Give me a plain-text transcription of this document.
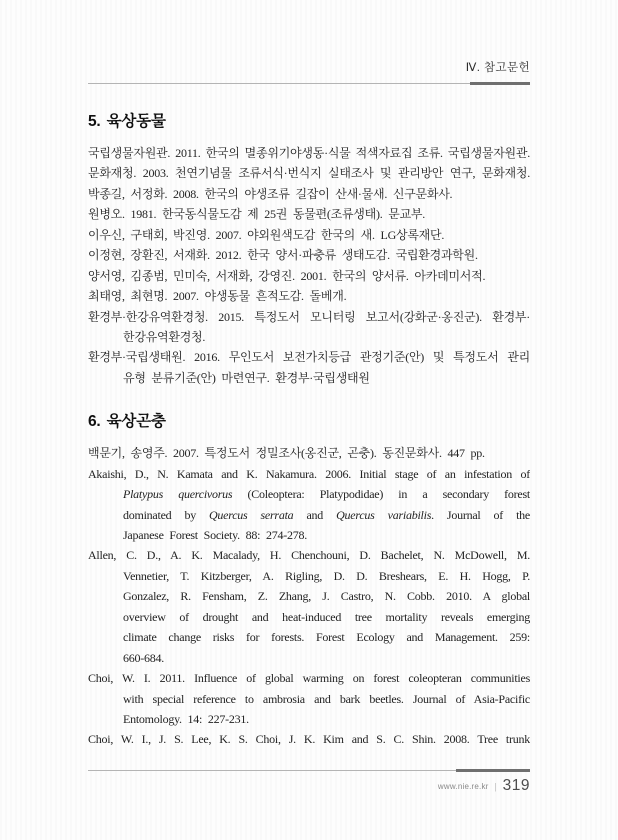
Ⅳ. 참고문헌
5. 육상동물

국립생물자원관. 2011. 한국의 멸종위기야생동·식물 적색자료집 조류. 국립생물자원관.

문화재청. 2003. 천연기념물 조류서식·번식지 실태조사 및 관리방안 연구, 문화재청.

박종길, 서정화. 2008. 한국의 야생조류 길잡이 산새·물새. 신구문화사.

원병오. 1981. 한국동식물도감 제 25권 동물편(조류생태). 문교부.

이우신, 구태회, 박진영. 2007. 야외원색도감 한국의 새. LG상록재단.

이정현, 장환진, 서재화. 2012. 한국 양서·파충류 생태도감. 국립환경과학원.

양서영, 김종범, 민미숙, 서재화, 강영진. 2001. 한국의 양서류. 아카데미서적.

최태영, 최현명. 2007. 야생동물 흔적도감. 돌베개.

환경부·한강유역환경청. 2015. 특정도서 모니터링 보고서(강화군·옹진군). 환경부·
한강유역환경청.

환경부·국립생태원. 2016. 무인도서 보전가치등급 관정기준(안) 및 특정도서 관리
유형 분류기준(안) 마련연구. 환경부·국립생태원

6. 육상곤충

백문기, 송영주. 2007. 특정도서 정밀조사(옹진군, 곤충). 동진문화사. 447 pp.

Akaishi, D., N. Kamata and K. Nakamura. 2006. Initial stage of an infestation of
Platypus quercivorus (Coleoptera: Platypodidae) in a secondary forest
dominated by Quercus serrata and Quercus variabilis. Journal of the
Japanese Forest Society. 88: 274-278.

Allen, C. D., A. K. Macalady, H. Chenchouni, D. Bachelet, N. McDowell, M.
Vennetier, T. Kitzberger, A. Rigling, D. D. Breshears, E. H. Hogg, P.
Gonzalez, R. Fensham, Z. Zhang, J. Castro, N. Cobb. 2010. A global
overview of drought and heat-induced tree mortality reveals emerging
climate change risks for forests. Forest Ecology and Management. 259:
660-684.

Choi, W. I. 2011. Influence of global warming on forest coleopteran communities
with special reference to ambrosia and bark beetles. Journal of Asia-Pacific
Entomology. 14: 227-231.

Choi, W. I., J. S. Lee, K. S. Choi, J. K. Kim and S. C. Shin. 2008. Tree trunk

www.nie.re.kr | 319
